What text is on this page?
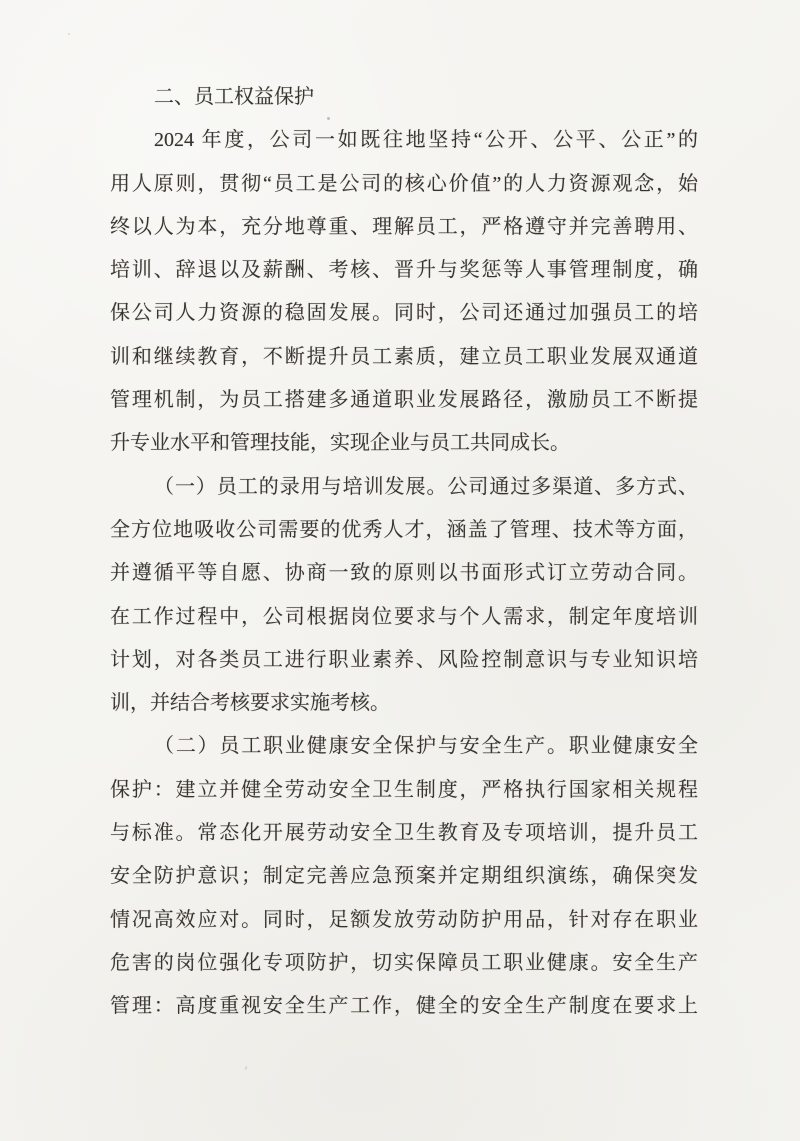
二、员工权益保护
2024 年度，公司一如既往地坚持“公开、公平、公正”的
用人原则，贯彻“员工是公司的核心价值”的人力资源观念，始
终以人为本，充分地尊重、理解员工，严格遵守并完善聘用、
培训、辞退以及薪酬、考核、晋升与奖惩等人事管理制度，确
保公司人力资源的稳固发展。同时，公司还通过加强员工的培
训和继续教育，不断提升员工素质，建立员工职业发展双通道
管理机制，为员工搭建多通道职业发展路径，激励员工不断提
升专业水平和管理技能，实现企业与员工共同成长。
（一）员工的录用与培训发展。公司通过多渠道、多方式、
全方位地吸收公司需要的优秀人才，涵盖了管理、技术等方面，
并遵循平等自愿、协商一致的原则以书面形式订立劳动合同。
在工作过程中，公司根据岗位要求与个人需求，制定年度培训
计划，对各类员工进行职业素养、风险控制意识与专业知识培
训，并结合考核要求实施考核。
（二）员工职业健康安全保护与安全生产。职业健康安全
保护：建立并健全劳动安全卫生制度，严格执行国家相关规程
与标准。常态化开展劳动安全卫生教育及专项培训，提升员工
安全防护意识；制定完善应急预案并定期组织演练，确保突发
情况高效应对。同时，足额发放劳动防护用品，针对存在职业
危害的岗位强化专项防护，切实保障员工职业健康。安全生产
管理：高度重视安全生产工作，健全的安全生产制度在要求上
